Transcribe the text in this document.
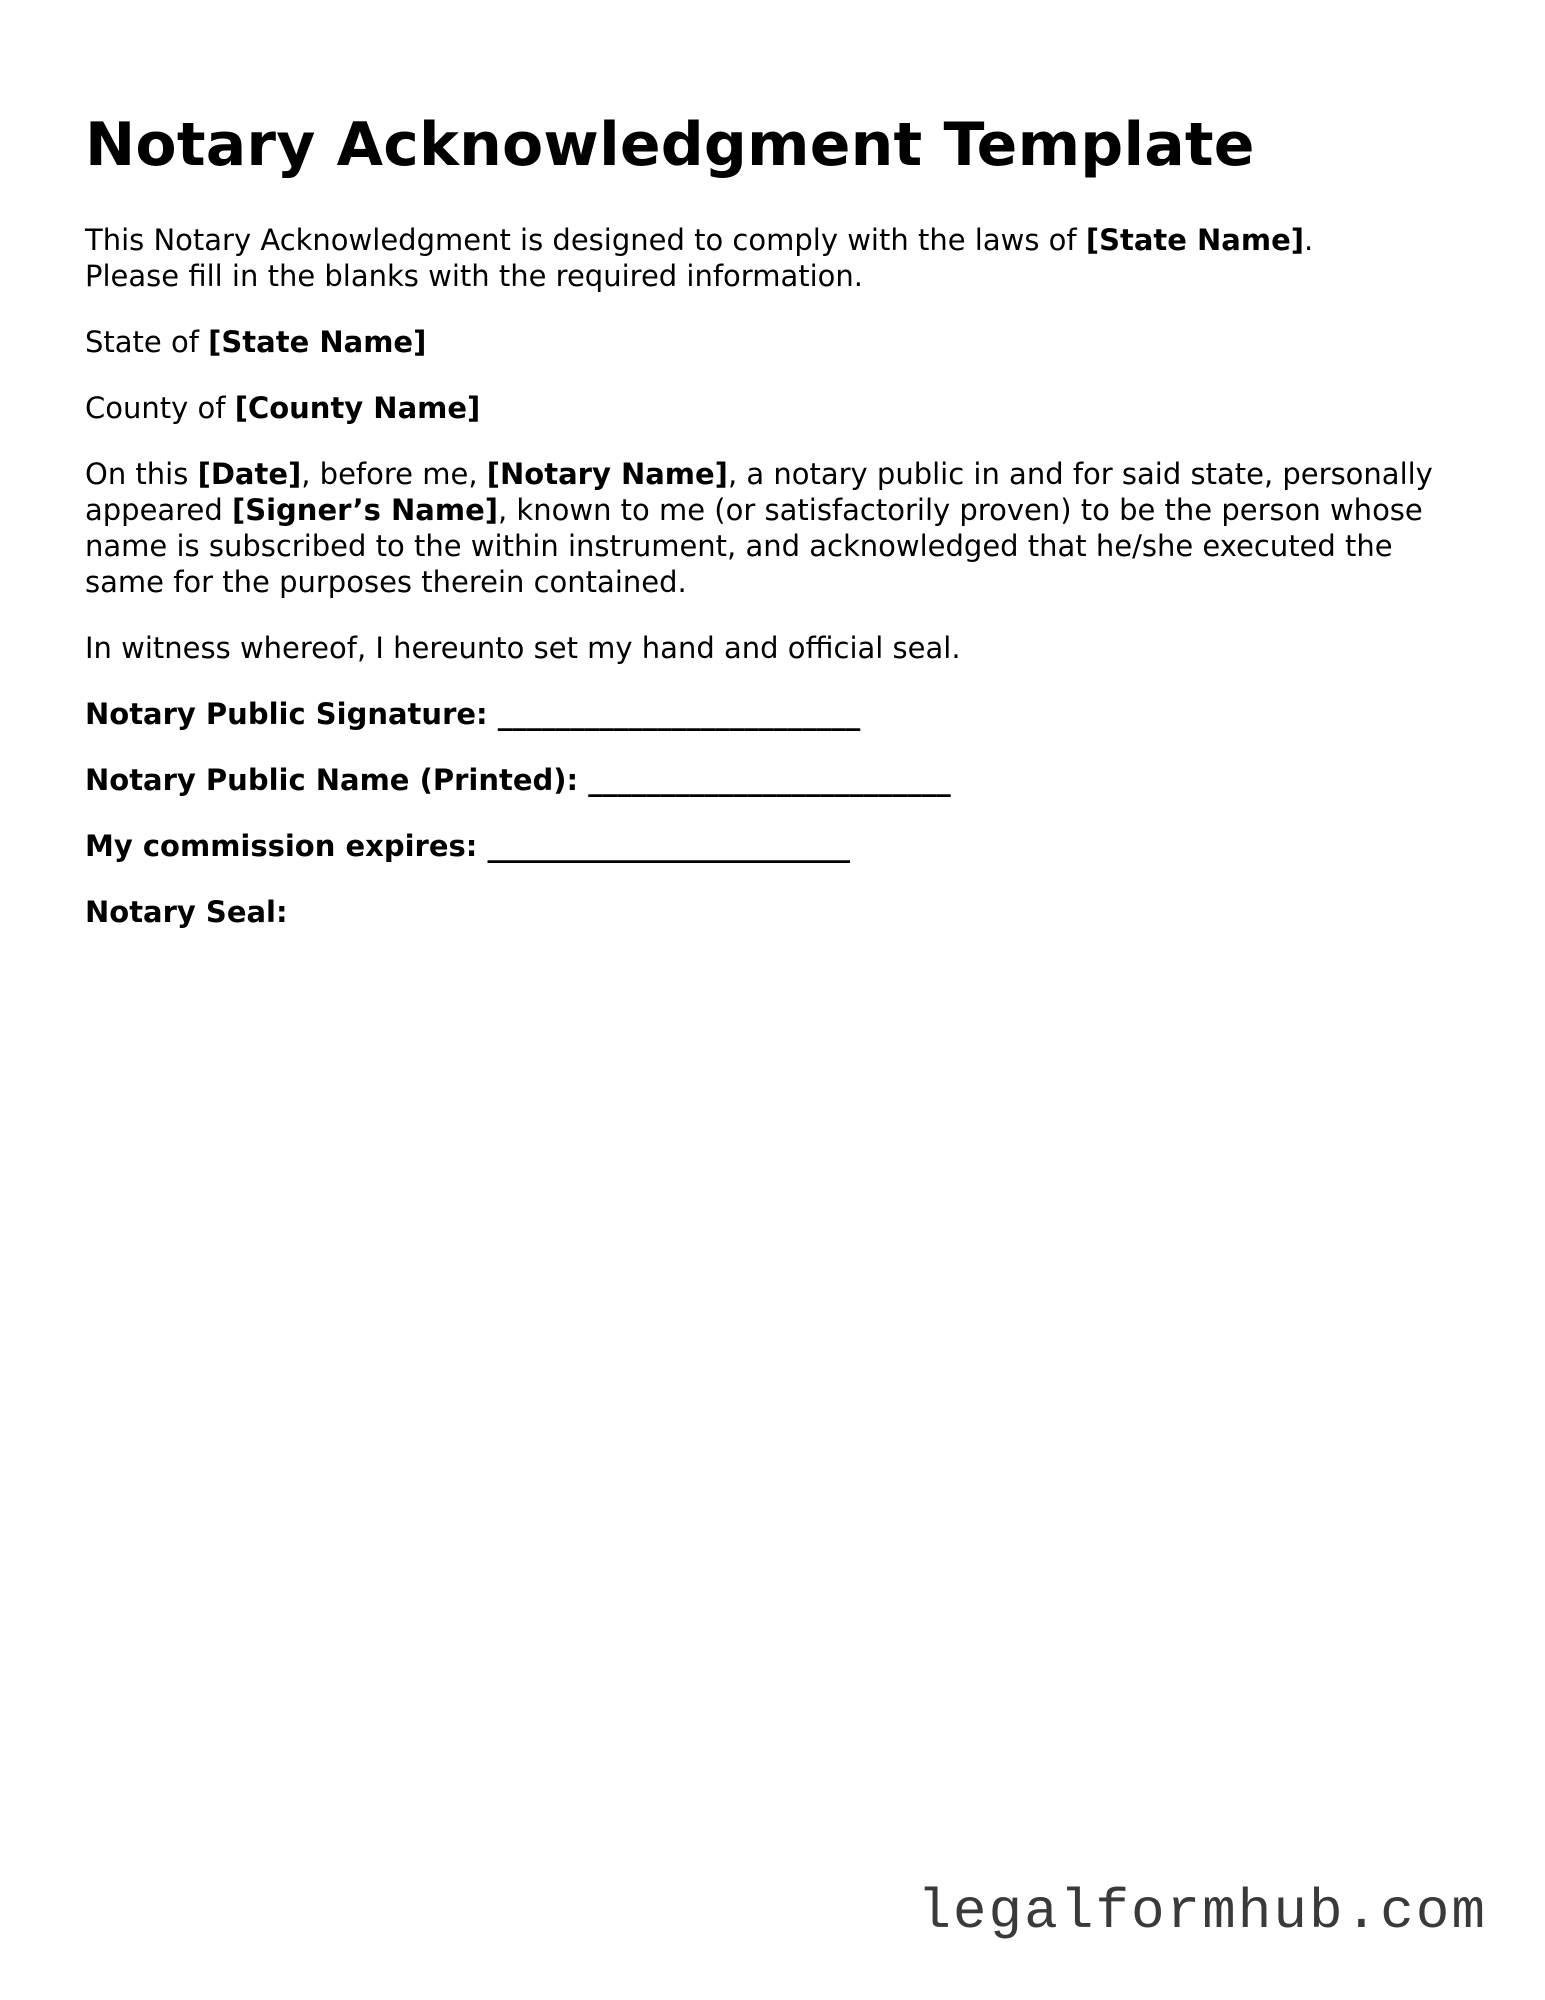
Notary Acknowledgment Template

This Notary Acknowledgment is designed to comply with the laws of [State Name].
Please fill in the blanks with the required information.

State of [State Name]

County of [County Name]

On this [Date], before me, [Notary Name], a notary public in and for said state, personally appeared [Signer’s Name], known to me (or satisfactorily proven) to be the person whose name is subscribed to the within instrument, and acknowledged that he/she executed the same for the purposes therein contained.

In witness whereof, I hereunto set my hand and official seal.

Notary Public Signature: _________________________

Notary Public Name (Printed): _________________________

My commission expires: _________________________

Notary Seal:

legalformhub.com
